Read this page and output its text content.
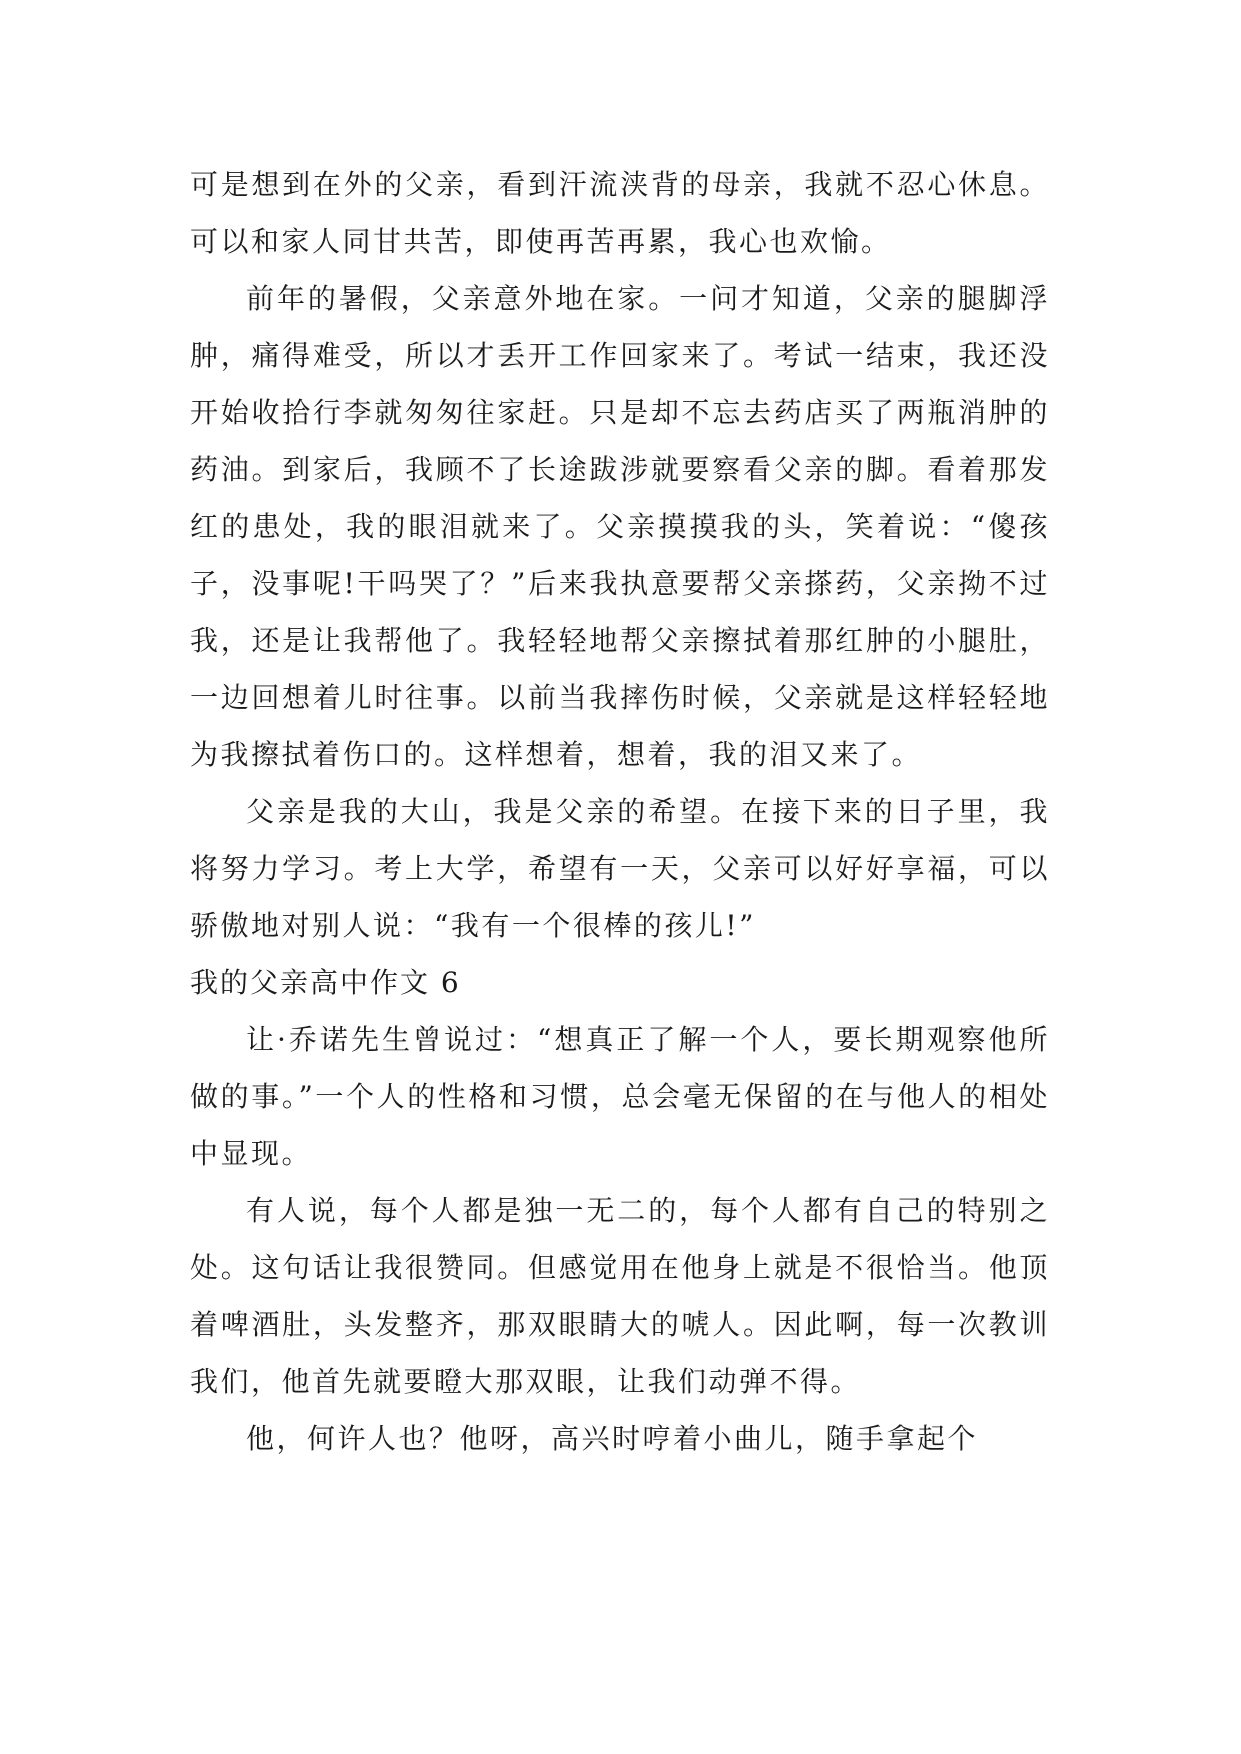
可是想到在外的父亲，看到汗流浃背的母亲，我就不忍心休息。可以和家人同甘共苦，即使再苦再累，我心也欢愉。

前年的暑假，父亲意外地在家。一问才知道，父亲的腿脚浮肿，痛得难受，所以才丢开工作回家来了。考试一结束，我还没开始收拾行李就匆匆往家赶。只是却不忘去药店买了两瓶消肿的药油。到家后，我顾不了长途跋涉就要察看父亲的脚。看着那发红的患处，我的眼泪就来了。父亲摸摸我的头，笑着说：“傻孩子，没事呢!干吗哭了？”后来我执意要帮父亲搽药，父亲拗不过我，还是让我帮他了。我轻轻地帮父亲擦拭着那红肿的小腿肚，一边回想着儿时往事。以前当我摔伤时候，父亲就是这样轻轻地为我擦拭着伤口的。这样想着，想着，我的泪又来了。

父亲是我的大山，我是父亲的希望。在接下来的日子里，我将努力学习。考上大学，希望有一天，父亲可以好好享福，可以骄傲地对别人说：“我有一个很棒的孩儿!”

我的父亲高中作文 6

让·乔诺先生曾说过：“想真正了解一个人，要长期观察他所做的事。”一个人的性格和习惯，总会毫无保留的在与他人的相处中显现。

有人说，每个人都是独一无二的，每个人都有自己的特别之处。这句话让我很赞同。但感觉用在他身上就是不很恰当。他顶着啤酒肚，头发整齐，那双眼睛大的唬人。因此啊，每一次教训我们，他首先就要瞪大那双眼，让我们动弹不得。

他，何许人也？他呀，高兴时哼着小曲儿，随手拿起个
